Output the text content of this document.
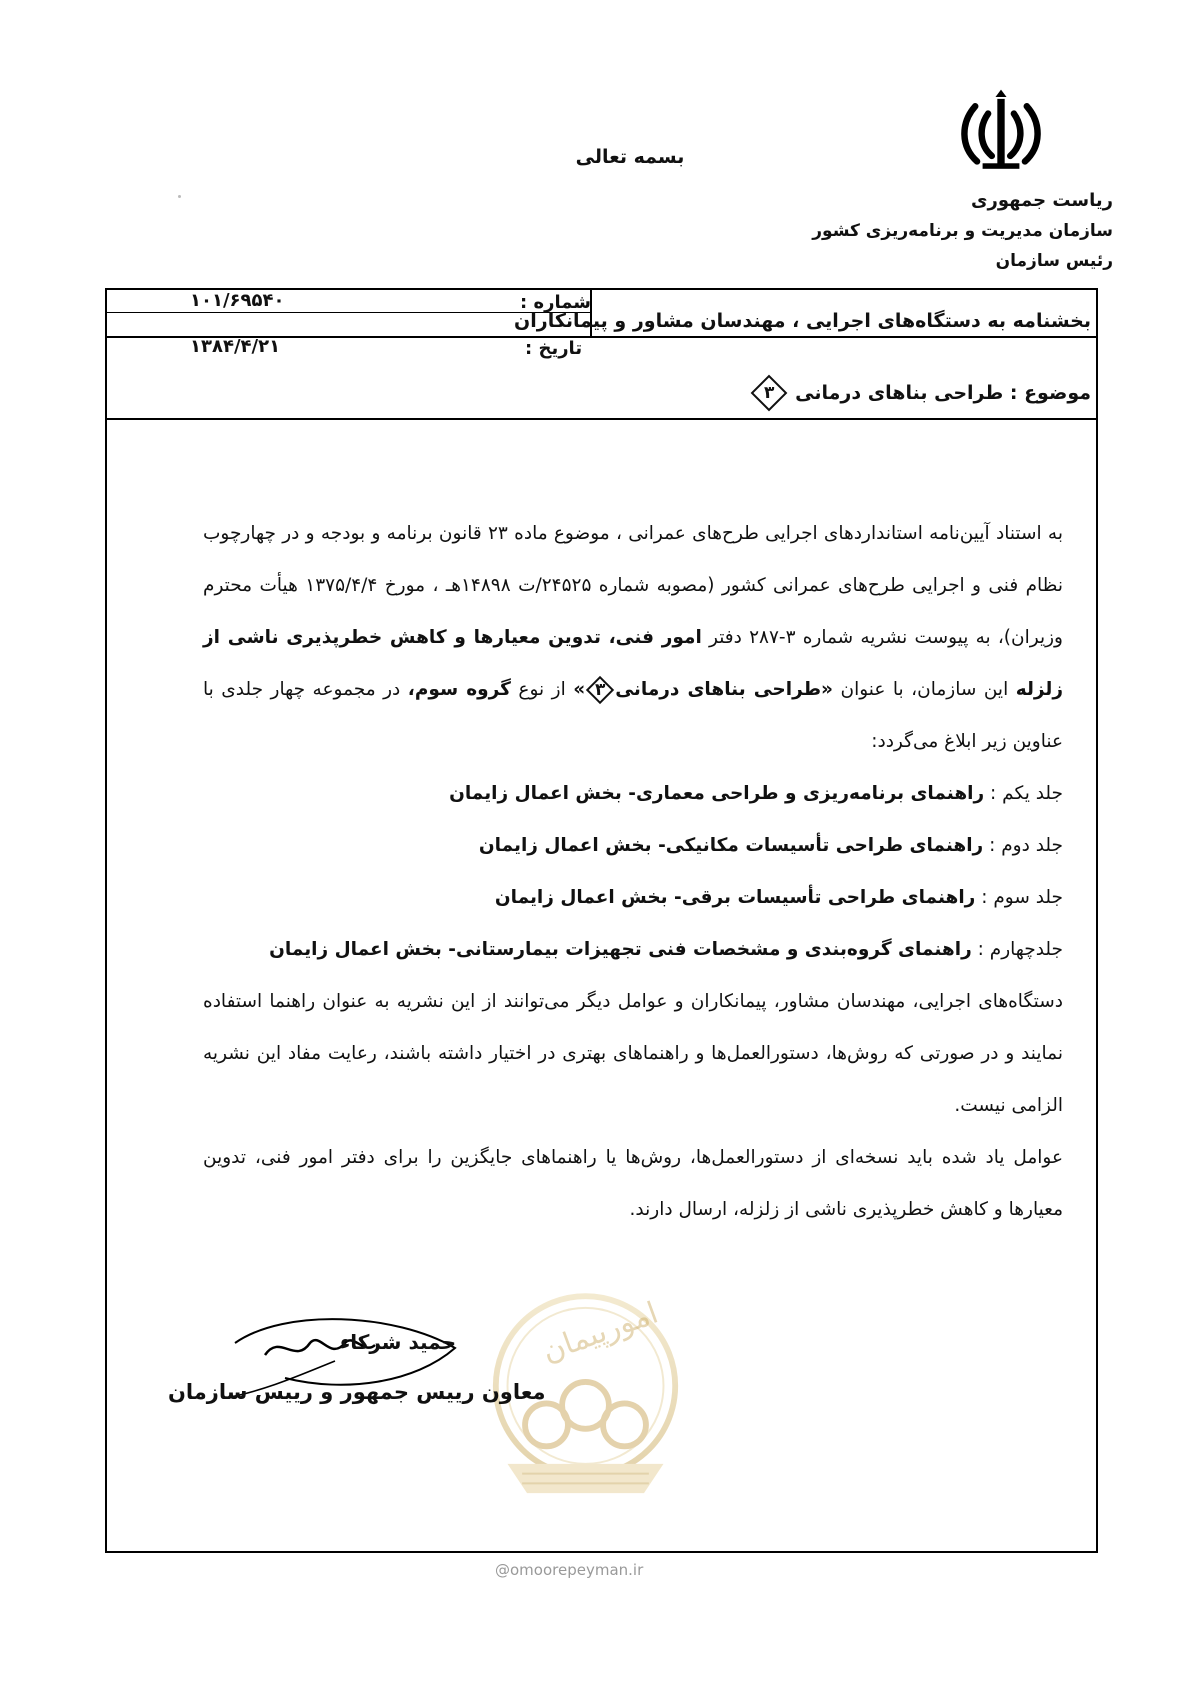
بسمه تعالی
ریاست جمهوری
سازمان مدیریت و برنامه‌ریزی کشور
رئیس سازمان
شماره :
۱۰۱/۶۹۵۴۰
تاریخ :
۱۳۸۴/۴/۲۱
بخشنامه به دستگاه‌های اجرایی ، مهندسان مشاور و پیمانکاران
موضوع : طراحی بناهای درمانی
۳

به استناد آیین‌نامه استانداردهای اجرایی طرح‌های عمرانی ، موضوع ماده ۲۳ قانون برنامه و بودجه و در چهارچوب نظام فنی و اجرایی طرح‌های عمرانی کشور (مصوبه شماره ۲۴۵۲۵/ت ۱۴۸۹۸هـ ، مورخ ۱۳۷۵/۴/۴ هیأت محترم وزیران)، به پیوست نشریه شماره ۳-۲۸۷ دفتر امور فنی، تدوین معیارها و کاهش خطرپذیری ناشی از زلزله این سازمان، با عنوان «طراحی بناهای درمانی
۳
» از نوع گروه سوم، در مجموعه چهار جلدی با عناوین زیر ابلاغ می‌گردد:

جلد یکم : راهنمای برنامه‌ریزی و طراحی معماری- بخش اعمال زایمان

جلد دوم : راهنمای طراحی تأسیسات مکانیکی- بخش اعمال زایمان

جلد سوم : راهنمای طراحی تأسیسات برقی- بخش اعمال زایمان

جلدچهارم : راهنمای گروه‌بندی و مشخصات فنی تجهیزات بیمارستانی- بخش اعمال زایمان

دستگاه‌های اجرایی، مهندسان مشاور، پیمانکاران و عوامل دیگر می‌توانند از این نشریه به عنوان راهنما استفاده نمایند و در صورتی که روش‌ها، دستورالعمل‌ها و راهنماهای بهتری در اختیار داشته باشند، رعایت مفاد این نشریه الزامی نیست.

عوامل یاد شده باید نسخه‌ای از دستورالعمل‌ها، روش‌ها یا راهنماهای جایگزین را برای دفتر امور فنی، تدوین معیارها و کاهش خطرپذیری ناشی از زلزله، ارسال دارند.

امورپیمان
حمید شرکاء
معاون رییس جمهور و رییس سازمان
@omoorepeyman.ir
